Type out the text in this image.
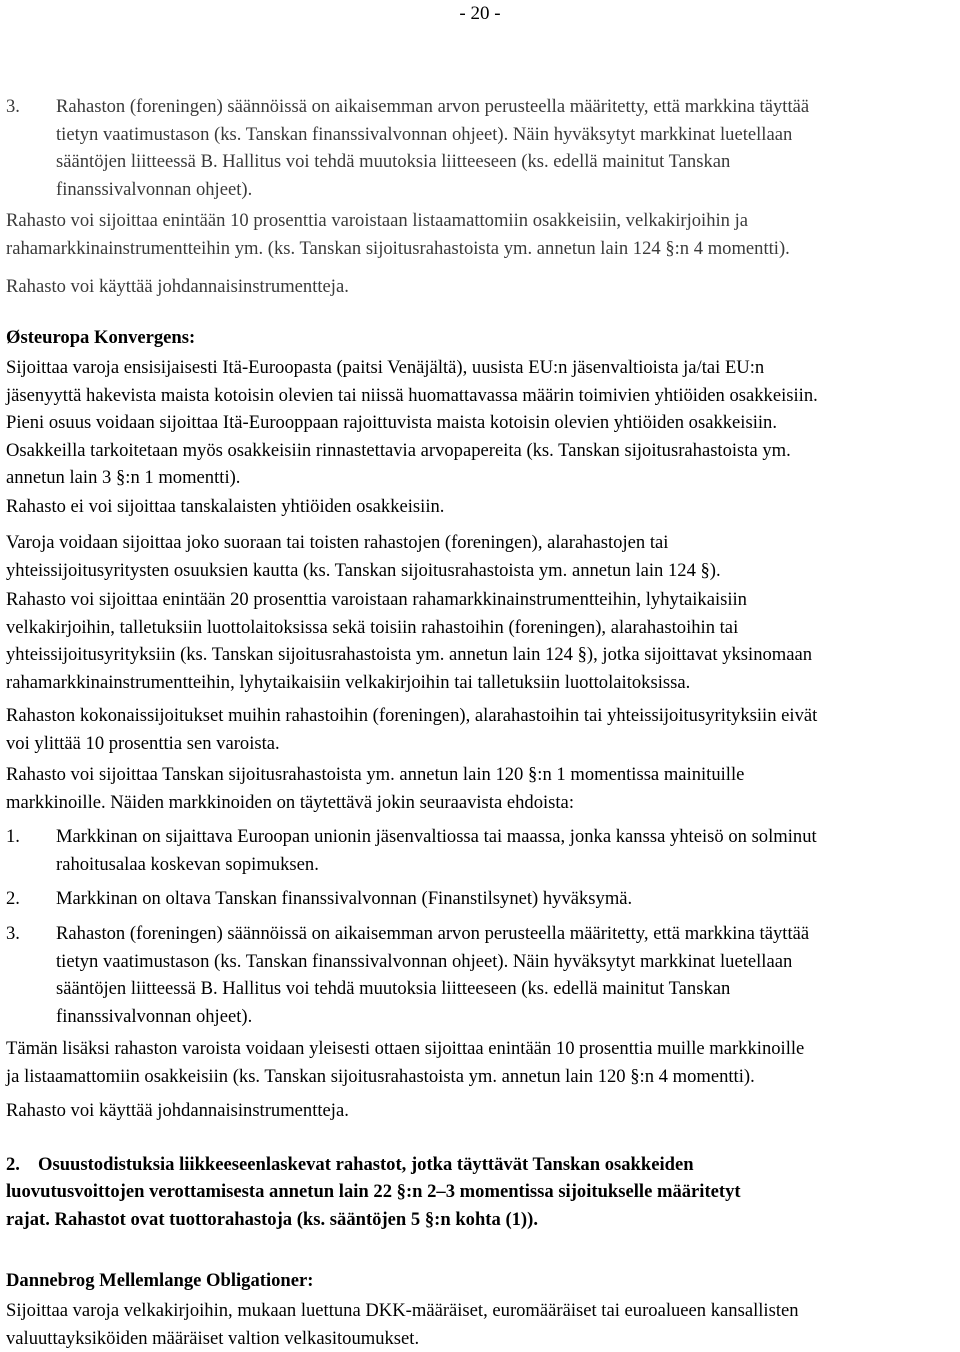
- 20 -
3.	Rahaston (foreningen) säännöissä on aikaisemman arvon perusteella määritetty, että markkina täyttää

tietyn vaatimustason (ks. Tanskan finanssivalvonnan ohjeet). Näin hyväksytyt markkinat luetellaan

sääntöjen liitteessä B. Hallitus voi tehdä muutoksia liitteeseen (ks. edellä mainitut Tanskan

finanssivalvonnan ohjeet).

Rahasto voi sijoittaa enintään 10 prosenttia varoistaan listaamattomiin osakkeisiin, velkakirjoihin ja

rahamarkkinainstrumentteihin ym. (ks. Tanskan sijoitusrahastoista ym. annetun lain 124 §:n 4 momentti).

Rahasto voi käyttää johdannaisinstrumentteja.

Østeuropa Konvergens:

Sijoittaa varoja ensisijaisesti Itä-Euroopasta (paitsi Venäjältä), uusista EU:n jäsenvaltioista ja/tai EU:n

jäsenyyttä hakevista maista kotoisin olevien tai niissä huomattavassa määrin toimivien yhtiöiden osakkeisiin.

Pieni osuus voidaan sijoittaa Itä-Eurooppaan rajoittuvista maista kotoisin olevien yhtiöiden osakkeisiin.

Osakkeilla tarkoitetaan myös osakkeisiin rinnastettavia arvopapereita (ks. Tanskan sijoitusrahastoista ym.

annetun lain 3 §:n 1 momentti).

Rahasto ei voi sijoittaa tanskalaisten yhtiöiden osakkeisiin.

Varoja voidaan sijoittaa joko suoraan tai toisten rahastojen (foreningen), alarahastojen tai

yhteissijoitusyritysten osuuksien kautta (ks. Tanskan sijoitusrahastoista ym. annetun lain 124 §).

Rahasto voi sijoittaa enintään 20 prosenttia varoistaan rahamarkkinainstrumentteihin, lyhytaikaisiin

velkakirjoihin, talletuksiin luottolaitoksissa sekä toisiin rahastoihin (foreningen), alarahastoihin tai

yhteissijoitusyrityksiin (ks. Tanskan sijoitusrahastoista ym. annetun lain 124 §), jotka sijoittavat yksinomaan

rahamarkkinainstrumentteihin, lyhytaikaisiin velkakirjoihin tai talletuksiin luottolaitoksissa.

Rahaston kokonaissijoitukset muihin rahastoihin (foreningen), alarahastoihin tai yhteissijoitusyrityksiin eivät

voi ylittää 10 prosenttia sen varoista.

Rahasto voi sijoittaa Tanskan sijoitusrahastoista ym. annetun lain 120 §:n 1 momentissa mainituille

markkinoille. Näiden markkinoiden on täytettävä jokin seuraavista ehdoista:

1.	Markkinan on sijaittava Euroopan unionin jäsenvaltiossa tai maassa, jonka kanssa yhteisö on solminut

rahoitusalaa koskevan sopimuksen.

2.	Markkinan on oltava Tanskan finanssivalvonnan (Finanstilsynet) hyväksymä.

3.	Rahaston (foreningen) säännöissä on aikaisemman arvon perusteella määritetty, että markkina täyttää

tietyn vaatimustason (ks. Tanskan finanssivalvonnan ohjeet). Näin hyväksytyt markkinat luetellaan

sääntöjen liitteessä B. Hallitus voi tehdä muutoksia liitteeseen (ks. edellä mainitut Tanskan

finanssivalvonnan ohjeet).

Tämän lisäksi rahaston varoista voidaan yleisesti ottaen sijoittaa enintään 10 prosenttia muille markkinoille

ja listaamattomiin osakkeisiin (ks. Tanskan sijoitusrahastoista ym. annetun lain 120 §:n 4 momentti).

Rahasto voi käyttää johdannaisinstrumentteja.

2. Osuustodistuksia liikkeeseenlaskevat rahastot, jotka täyttävät Tanskan osakkeiden

luovutusvoittojen verottamisesta annetun lain 22 §:n 2–3 momentissa sijoitukselle määritetyt

rajat. Rahastot ovat tuottorahastoja (ks. sääntöjen 5 §:n kohta (1)).

Dannebrog Mellemlange Obligationer:

Sijoittaa varoja velkakirjoihin, mukaan luettuna DKK-määräiset, euromääräiset tai euroalueen kansallisten

valuuttayksiköiden määräiset valtion velkasitoumukset.
